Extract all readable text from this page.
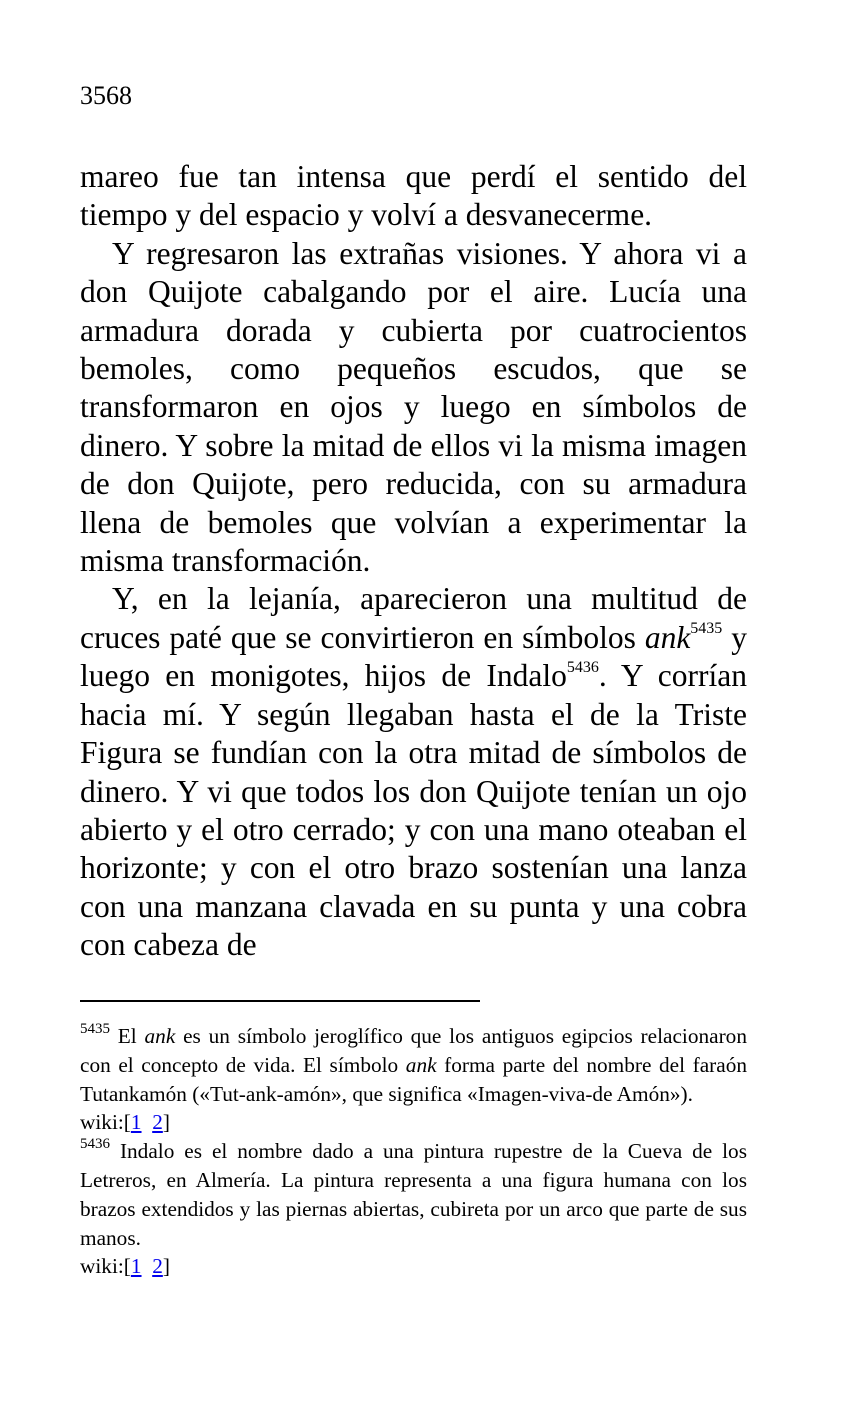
3568

mareo fue tan intensa que perdí el sentido del tiempo y del espacio y volví a desvanecerme.

Y regresaron las extrañas visiones. Y ahora vi a don Quijote cabalgando por el aire. Lucía una armadura dorada y cubierta por cuatrocientos bemoles, como pequeños escudos, que se transformaron en ojos y luego en símbolos de dinero. Y sobre la mitad de ellos vi la misma imagen de don Quijote, pero reducida, con su armadura llena de bemoles que volvían a experimentar la misma transformación.

Y, en la lejanía, aparecieron una multitud de cruces paté que se convirtieron en símbolos ank$^{5435}$ y luego en monigotes, hijos de Indalo$^{5436}$. Y corrían hacia mí. Y según llegaban hasta el de la Triste Figura se fundían con la otra mitad de símbolos de dinero. Y vi que todos los don Quijote tenían un ojo abierto y el otro cerrado; y con una mano oteaban el horizonte; y con el otro brazo sostenían una lanza con una manzana clavada en su punta y una cobra con cabeza de

$^{5435}$ El ank es un símbolo jeroglífico que los antiguos egipcios relacionaron con el concepto de vida. El símbolo ank forma parte del nombre del faraón Tutankamón («Tut-ank-amón», que significa «Imagen-viva-de Amón»).

wiki:[1 2]

$^{5436}$ Indalo es el nombre dado a una pintura rupestre de la Cueva de los Letreros, en Almería. La pintura representa a una figura humana con los brazos extendidos y las piernas abiertas, cubireta por un arco que parte de sus manos.

wiki:[1 2]
